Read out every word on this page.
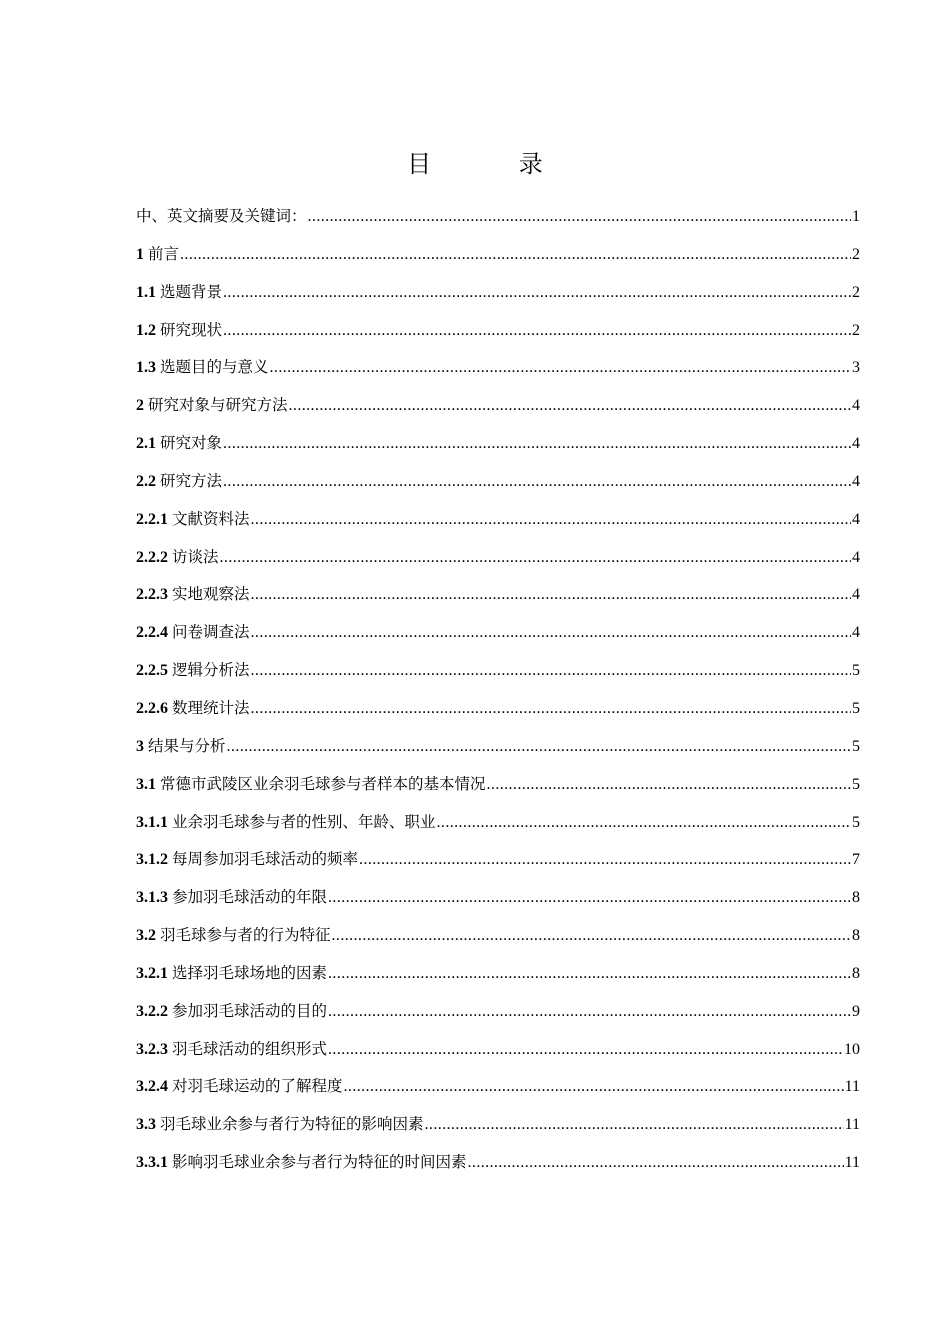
目 录
中、英文摘要及关键词： .....	1
1 前言 .....	2
1.1 选题背景 .....	2
1.2 研究现状 .....	2
1.3 选题目的与意义 .....	3
2 研究对象与研究方法 .....	4
2.1 研究对象 .....	4
2.2 研究方法 .....	4
2.2.1 文献资料法 .....	4
2.2.2 访谈法 .....	4
2.2.3 实地观察法 .....	4
2.2.4 问卷调查法 .....	4
2.2.5 逻辑分析法 .....	5
2.2.6 数理统计法 .....	5
3 结果与分析 .....	5
3.1 常德市武陵区业余羽毛球参与者样本的基本情况 .....	5
3.1.1 业余羽毛球参与者的性别、年龄、职业 .....	5
3.1.2 每周参加羽毛球活动的频率 .....	7
3.1.3 参加羽毛球活动的年限 .....	8
3.2 羽毛球参与者的行为特征 .....	8
3.2.1 选择羽毛球场地的因素 .....	8
3.2.2 参加羽毛球活动的目的 .....	9
3.2.3 羽毛球活动的组织形式 .....	10
3.2.4 对羽毛球运动的了解程度 .....	11
3.3 羽毛球业余参与者行为特征的影响因素 .....	11
3.3.1 影响羽毛球业余参与者行为特征的时间因素 .....	11
